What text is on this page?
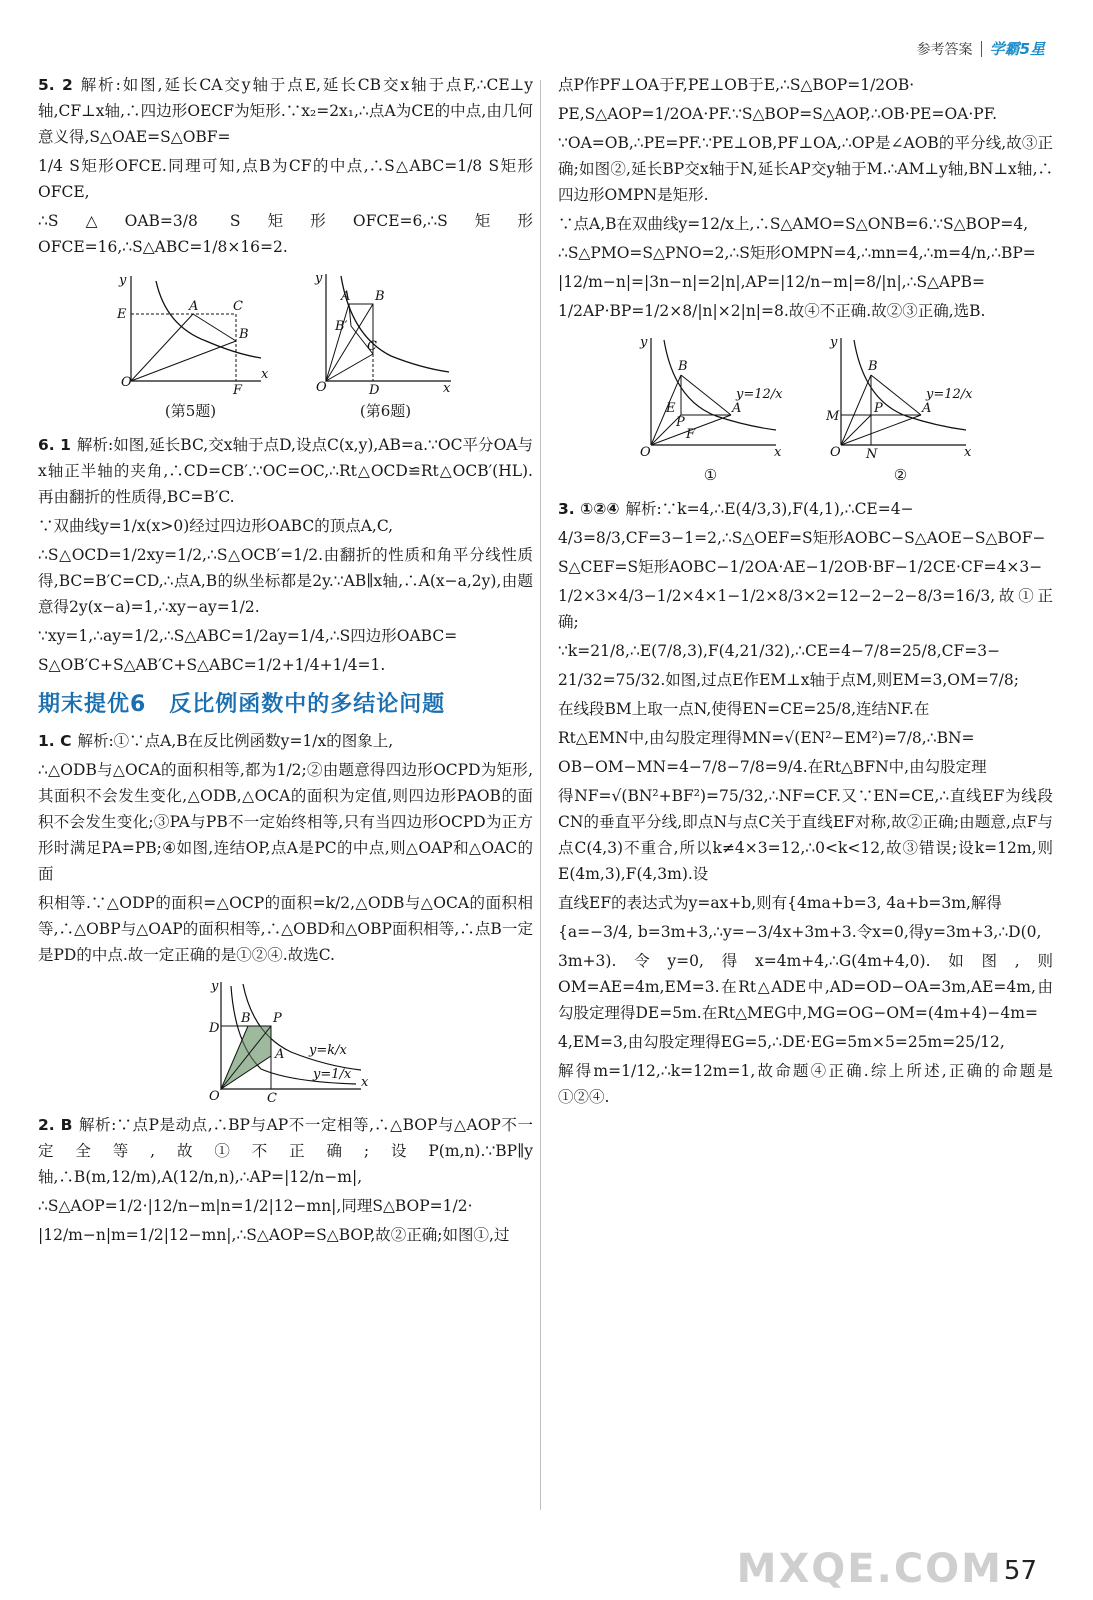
参考答案 学霸5星

5. 2 解析:如图,延长CA交y轴于点E,延长CB交x轴于点F,∴CE⊥y轴,CF⊥x轴,∴四边形OECF为矩形.∵x₂=2x₁,∴点A为CE的中点,由几何意义得,S△OAE=S△OBF=

1/4 S矩形OFCE.同理可知,点B为CF的中点,∴S△ABC=1/8 S矩形OFCE,

∴S△OAB=3/8 S矩形OFCE=6,∴S矩形OFCE=16,∴S△ABC=1/8×16=2.

O
y
x
E
A	C
B
F
(第5题)
O
y
x
A B
B′
C
D
(第6题)

6. 1 解析:如图,延长BC,交x轴于点D,设点C(x,y),AB=a.∵OC平分OA与x轴正半轴的夹角,∴CD=CB′.∵OC=OC,∴Rt△OCD≌Rt△OCB′(HL).再由翻折的性质得,BC=B′C.

∵双曲线y=1/x(x>0)经过四边形OABC的顶点A,C,

∴S△OCD=1/2xy=1/2,∴S△OCB′=1/2.由翻折的性质和角平分线性质得,BC=B′C=CD,∴点A,B的纵坐标都是2y.∵AB∥x轴,∴A(x−a,2y),由题意得2y(x−a)=1,∴xy−ay=1/2.

∵xy=1,∴ay=1/2,∴S△ABC=1/2ay=1/4,∴S四边形OABC=

S△OB′C+S△AB′C+S△ABC=1/2+1/4+1/4=1.

期末提优6　反比例函数中的多结论问题

1. C 解析:①∵点A,B在反比例函数y=1/x的图象上,

∴△ODB与△OCA的面积相等,都为1/2;②由题意得四边形OCPD为矩形,其面积不会发生变化,△ODB,△OCA的面积为定值,则四边形PAOB的面积不会发生变化;③PA与PB不一定始终相等,只有当四边形OCPD为正方形时满足PA=PB;④如图,连结OP,点A是PC的中点,则△OAP和△OAC的面

积相等.∵△ODP的面积=△OCP的面积=k/2,△ODB与△OCA的面积相等,∴△OBP与△OAP的面积相等,∴△OBD和△OBP面积相等,∴点B一定是PD的中点.故一定正确的是①②④.故选C.

O
y
x
D
B P
A
C
y=k/x
y=1/x

2. B 解析:∵点P是动点,∴BP与AP不一定相等,∴△BOP与△AOP不一定全等,故①不正确;设P(m,n).∵BP∥y轴,∴B(m,12/m),A(12/n,n),∴AP=|12/n−m|,

∴S△AOP=1/2·|12/n−m|n=1/2|12−mn|,同理S△BOP=1/2·

|12/m−n|m=1/2|12−mn|,∴S△AOP=S△BOP,故②正确;如图①,过

点P作PF⊥OA于F,PE⊥OB于E,∴S△BOP=1/2OB·

PE,S△AOP=1/2OA·PF.∵S△BOP=S△AOP,∴OB·PE=OA·PF.

∵OA=OB,∴PE=PF.∵PE⊥OB,PF⊥OA,∴OP是∠AOB的平分线,故③正确;如图②,延长BP交x轴于N,延长AP交y轴于M.∴AM⊥y轴,BN⊥x轴,∴四边形OMPN是矩形.

∵点A,B在双曲线y=12/x上,∴S△AMO=S△ONB=6.∵S△BOP=4,

∴S△PMO=S△PNO=2,∴S矩形OMPN=4,∴mn=4,∴m=4/n,∴BP=

|12/m−n|=|3n−n|=2|n|,AP=|12/n−m|=8/|n|,∴S△APB=

1/2AP·BP=1/2×8/|n|×2|n|=8.故④不正确.故②③正确,选B.

O
y
x
B
A
E
P
F
y=12/x
①
O
y
x
B
A
M
P
N
y=12/x
②

3. ①②④ 解析:∵k=4,∴E(4/3,3),F(4,1),∴CE=4−

4/3=8/3,CF=3−1=2,∴S△OEF=S矩形AOBC−S△AOE−S△BOF−

S△CEF=S矩形AOBC−1/2OA·AE−1/2OB·BF−1/2CE·CF=4×3−

1/2×3×4/3−1/2×4×1−1/2×8/3×2=12−2−2−8/3=16/3,故①正确;

∵k=21/8,∴E(7/8,3),F(4,21/32),∴CE=4−7/8=25/8,CF=3−

21/32=75/32.如图,过点E作EM⊥x轴于点M,则EM=3,OM=7/8;

在线段BM上取一点N,使得EN=CE=25/8,连结NF.在

Rt△EMN中,由勾股定理得MN=√(EN²−EM²)=7/8,∴BN=

OB−OM−MN=4−7/8−7/8=9/4.在Rt△BFN中,由勾股定理

得NF=√(BN²+BF²)=75/32,∴NF=CF.又∵EN=CE,∴直线EF为线段CN的垂直平分线,即点N与点C关于直线EF对称,故②正确;由题意,点F与点C(4,3)不重合,所以k≠4×3=12,∴0<k<12,故③错误;设k=12m,则E(4m,3),F(4,3m).设

直线EF的表达式为y=ax+b,则有{4ma+b=3, 4a+b=3m,解得

{a=−3/4, b=3m+3,∴y=−3/4x+3m+3.令x=0,得y=3m+3,∴D(0,

3m+3).令y=0,得x=4m+4,∴G(4m+4,0).如图,则OM=AE=4m,EM=3.在Rt△ADE中,AD=OD−OA=3m,AE=4m,由勾股定理得DE=5m.在Rt△MEG中,MG=OG−OM=(4m+4)−4m=

4,EM=3,由勾股定理得EG=5,∴DE·EG=5m×5=25m=25/12,

解得m=1/12,∴k=12m=1,故命题④正确.综上所述,正确的命题是①②④.

MXQE.COM 57
